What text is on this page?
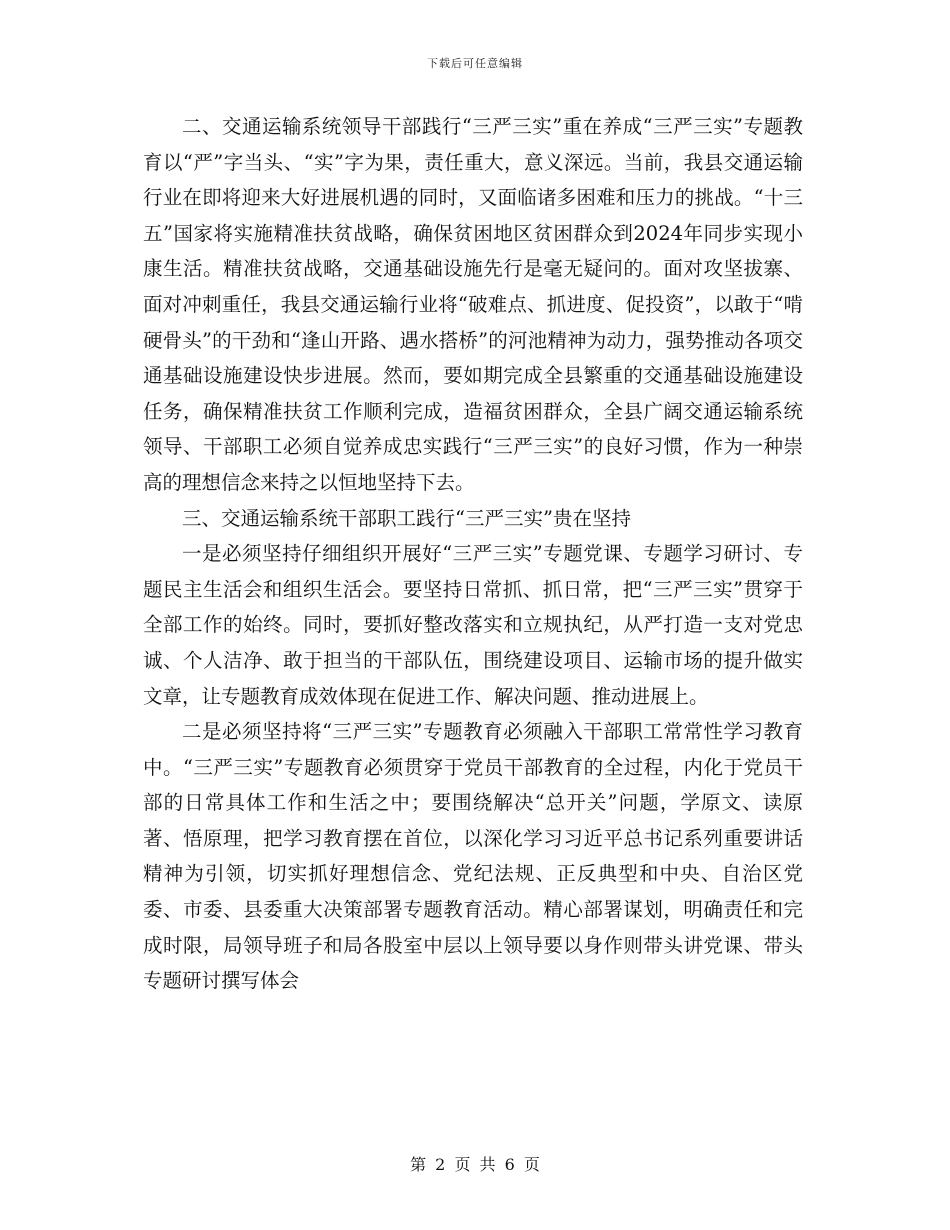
下载后可任意编辑

二、交通运输系统领导干部践行“三严三实”重在养成“三严三实”专题教育以“严”字当头、“实”字为果，责任重大，意义深远。当前，我县交通运输行业在即将迎来大好进展机遇的同时，又面临诸多困难和压力的挑战。“十三五”国家将实施精准扶贫战略，确保贫困地区贫困群众到2024年同步实现小康生活。精准扶贫战略，交通基础设施先行是毫无疑问的。面对攻坚拔寨、面对冲刺重任，我县交通运输行业将“破难点、抓进度、促投资”，以敢于“啃硬骨头”的干劲和“逢山开路、遇水搭桥”的河池精神为动力，强势推动各项交通基础设施建设快步进展。然而，要如期完成全县繁重的交通基础设施建设任务，确保精准扶贫工作顺利完成，造福贫困群众，全县广阔交通运输系统领导、干部职工必须自觉养成忠实践行“三严三实”的良好习惯，作为一种崇高的理想信念来持之以恒地坚持下去。

三、交通运输系统干部职工践行“三严三实”贵在坚持

一是必须坚持仔细组织开展好“三严三实”专题党课、专题学习研讨、专题民主生活会和组织生活会。要坚持日常抓、抓日常，把“三严三实”贯穿于全部工作的始终。同时，要抓好整改落实和立规执纪，从严打造一支对党忠诚、个人洁净、敢于担当的干部队伍，围绕建设项目、运输市场的提升做实文章，让专题教育成效体现在促进工作、解决问题、推动进展上。

二是必须坚持将“三严三实”专题教育必须融入干部职工常常性学习教育中。“三严三实”专题教育必须贯穿于党员干部教育的全过程，内化于党员干部的日常具体工作和生活之中；要围绕解决“总开关”问题，学原文、读原著、悟原理，把学习教育摆在首位，以深化学习习近平总书记系列重要讲话精神为引领，切实抓好理想信念、党纪法规、正反典型和中央、自治区党委、市委、县委重大决策部署专题教育活动。精心部署谋划，明确责任和完成时限，局领导班子和局各股室中层以上领导要以身作则带头讲党课、带头专题研讨撰写体会

第 2 页 共 6 页
